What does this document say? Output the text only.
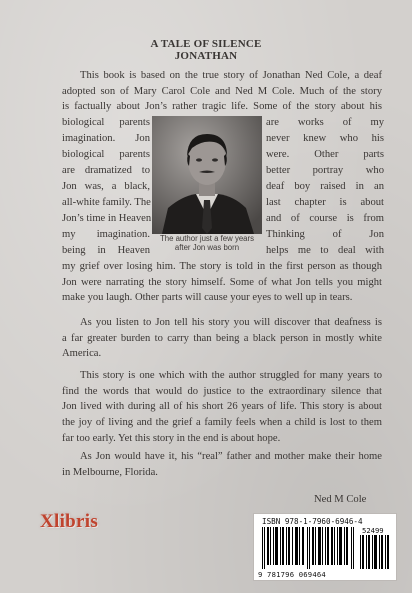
A TALE OF SILENCE
JONATHAN
This book is based on the true story of Jonathan Ned Cole, a deaf
adopted son of Mary Carol Cole and Ned M Cole. Much of the story
is factually about Jon’s rather tragic life. Some of the story about his
biological parents
imagination. Jon
biological parents
are dramatized to
Jon was, a black,
all-white family. The
Jon’s time in Heaven
my imagination.
being in Heaven
The author just a few years
after Jon was born
are works of my
never knew who his
were. Other parts
better portray who
deaf boy raised in an
last chapter is about
and of course is from
Thinking of Jon
helps me to deal with
my grief over losing him. The story is told in the first person as though
Jon were narrating the story himself. Some of what Jon tells you might
make you laugh. Other parts will cause your eyes to well up in tears.
As you listen to Jon tell his story you will discover that deafness is
a far greater burden to carry than being a black person in mostly white
America.
This story is one which with the author struggled for many years to
find the words that would do justice to the extraordinary silence that
Jon lived with during all of his short 26 years of life. This story is about
the joy of living and the grief a family feels when a child is lost to them
far too early. Yet this story in the end is about hope.
As Jon would have it, his “real” father and mother make their home
in Melbourne, Florida.
Ned M Cole
Xlibris	ISBN 978-1-7960-6946-4
52499
9 781796 069464
